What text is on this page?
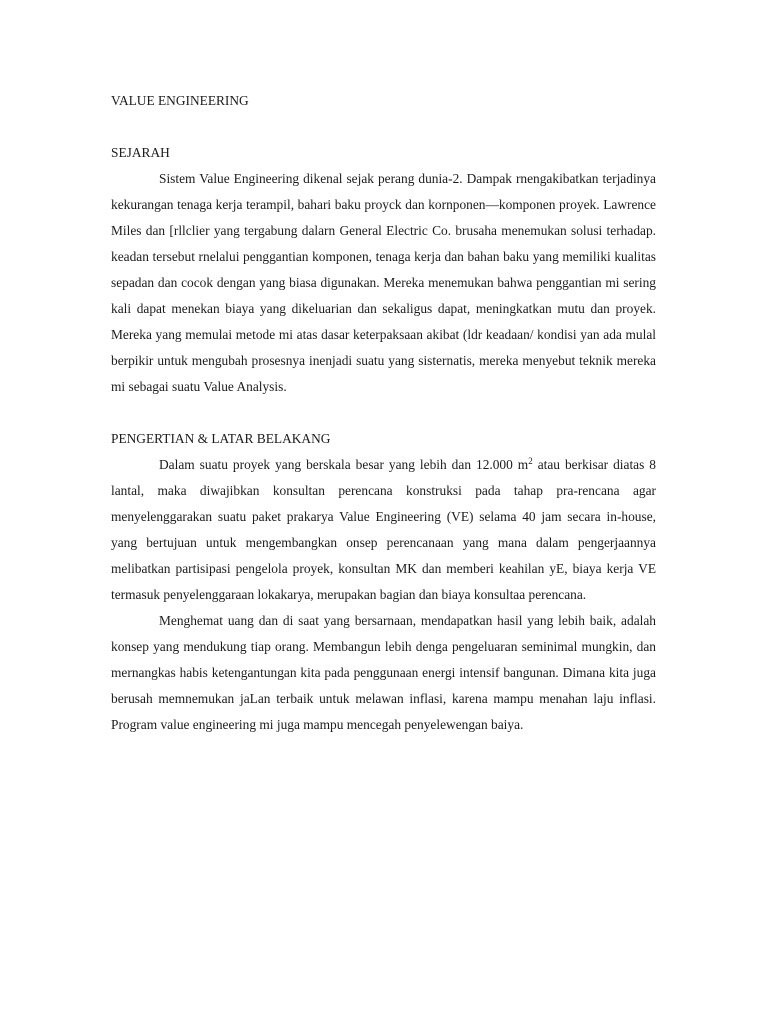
VALUE ENGINEERING
SEJARAH

Sistem Value Engineering dikenal sejak perang dunia-2. Dampak rnengakibatkan terjadinya kekurangan tenaga kerja terampil, bahari baku proyck dan kornponen—komponen proyek. Lawrence Miles dan [rllclier yang tergabung dalarn General Electric Co. brusaha menemukan solusi terhadap. keadan tersebut rnelalui penggantian komponen, tenaga kerja dan bahan baku yang memiliki kualitas sepadan dan cocok dengan yang biasa digunakan. Mereka menemukan bahwa penggantian mi sering kali dapat menekan biaya yang dikeluarian dan sekaligus dapat, meningkatkan mutu dan proyek. Mereka yang memulai metode mi atas dasar keterpaksaan akibat (ldr keadaan/ kondisi yan ada mulal berpikir untuk mengubah prosesnya inenjadi suatu yang sisternatis, mereka menyebut teknik mereka mi sebagai suatu Value Analysis.

PENGERTIAN & LATAR BELAKANG

Dalam suatu proyek yang berskala besar yang lebih dan 12.000 $m^2$ atau berkisar diatas 8 lantal, maka diwajibkan konsultan perencana konstruksi pada tahap pra-rencana agar menyelenggarakan suatu paket prakarya Value Engineering (VE) selama 40 jam secara in-house, yang bertujuan untuk mengembangkan onsep perencanaan yang mana dalam pengerjaannya melibatkan partisipasi pengelola proyek, konsultan MK dan memberi keahilan yE, biaya kerja VE termasuk penyelenggaraan lokakarya, merupakan bagian dan biaya konsultaa perencana.

Menghemat uang dan di saat yang bersarnaan, mendapatkan hasil yang lebih baik, adalah konsep yang mendukung tiap orang. Membangun lebih denga pengeluaran seminimal mungkin, dan mernangkas habis ketengantungan kita pada penggunaan energi intensif bangunan. Dimana kita juga berusah memnemukan jaLan terbaik untuk melawan inflasi, karena mampu menahan laju inflasi. Program value engineering mi juga mampu mencegah penyelewengan baiya.
